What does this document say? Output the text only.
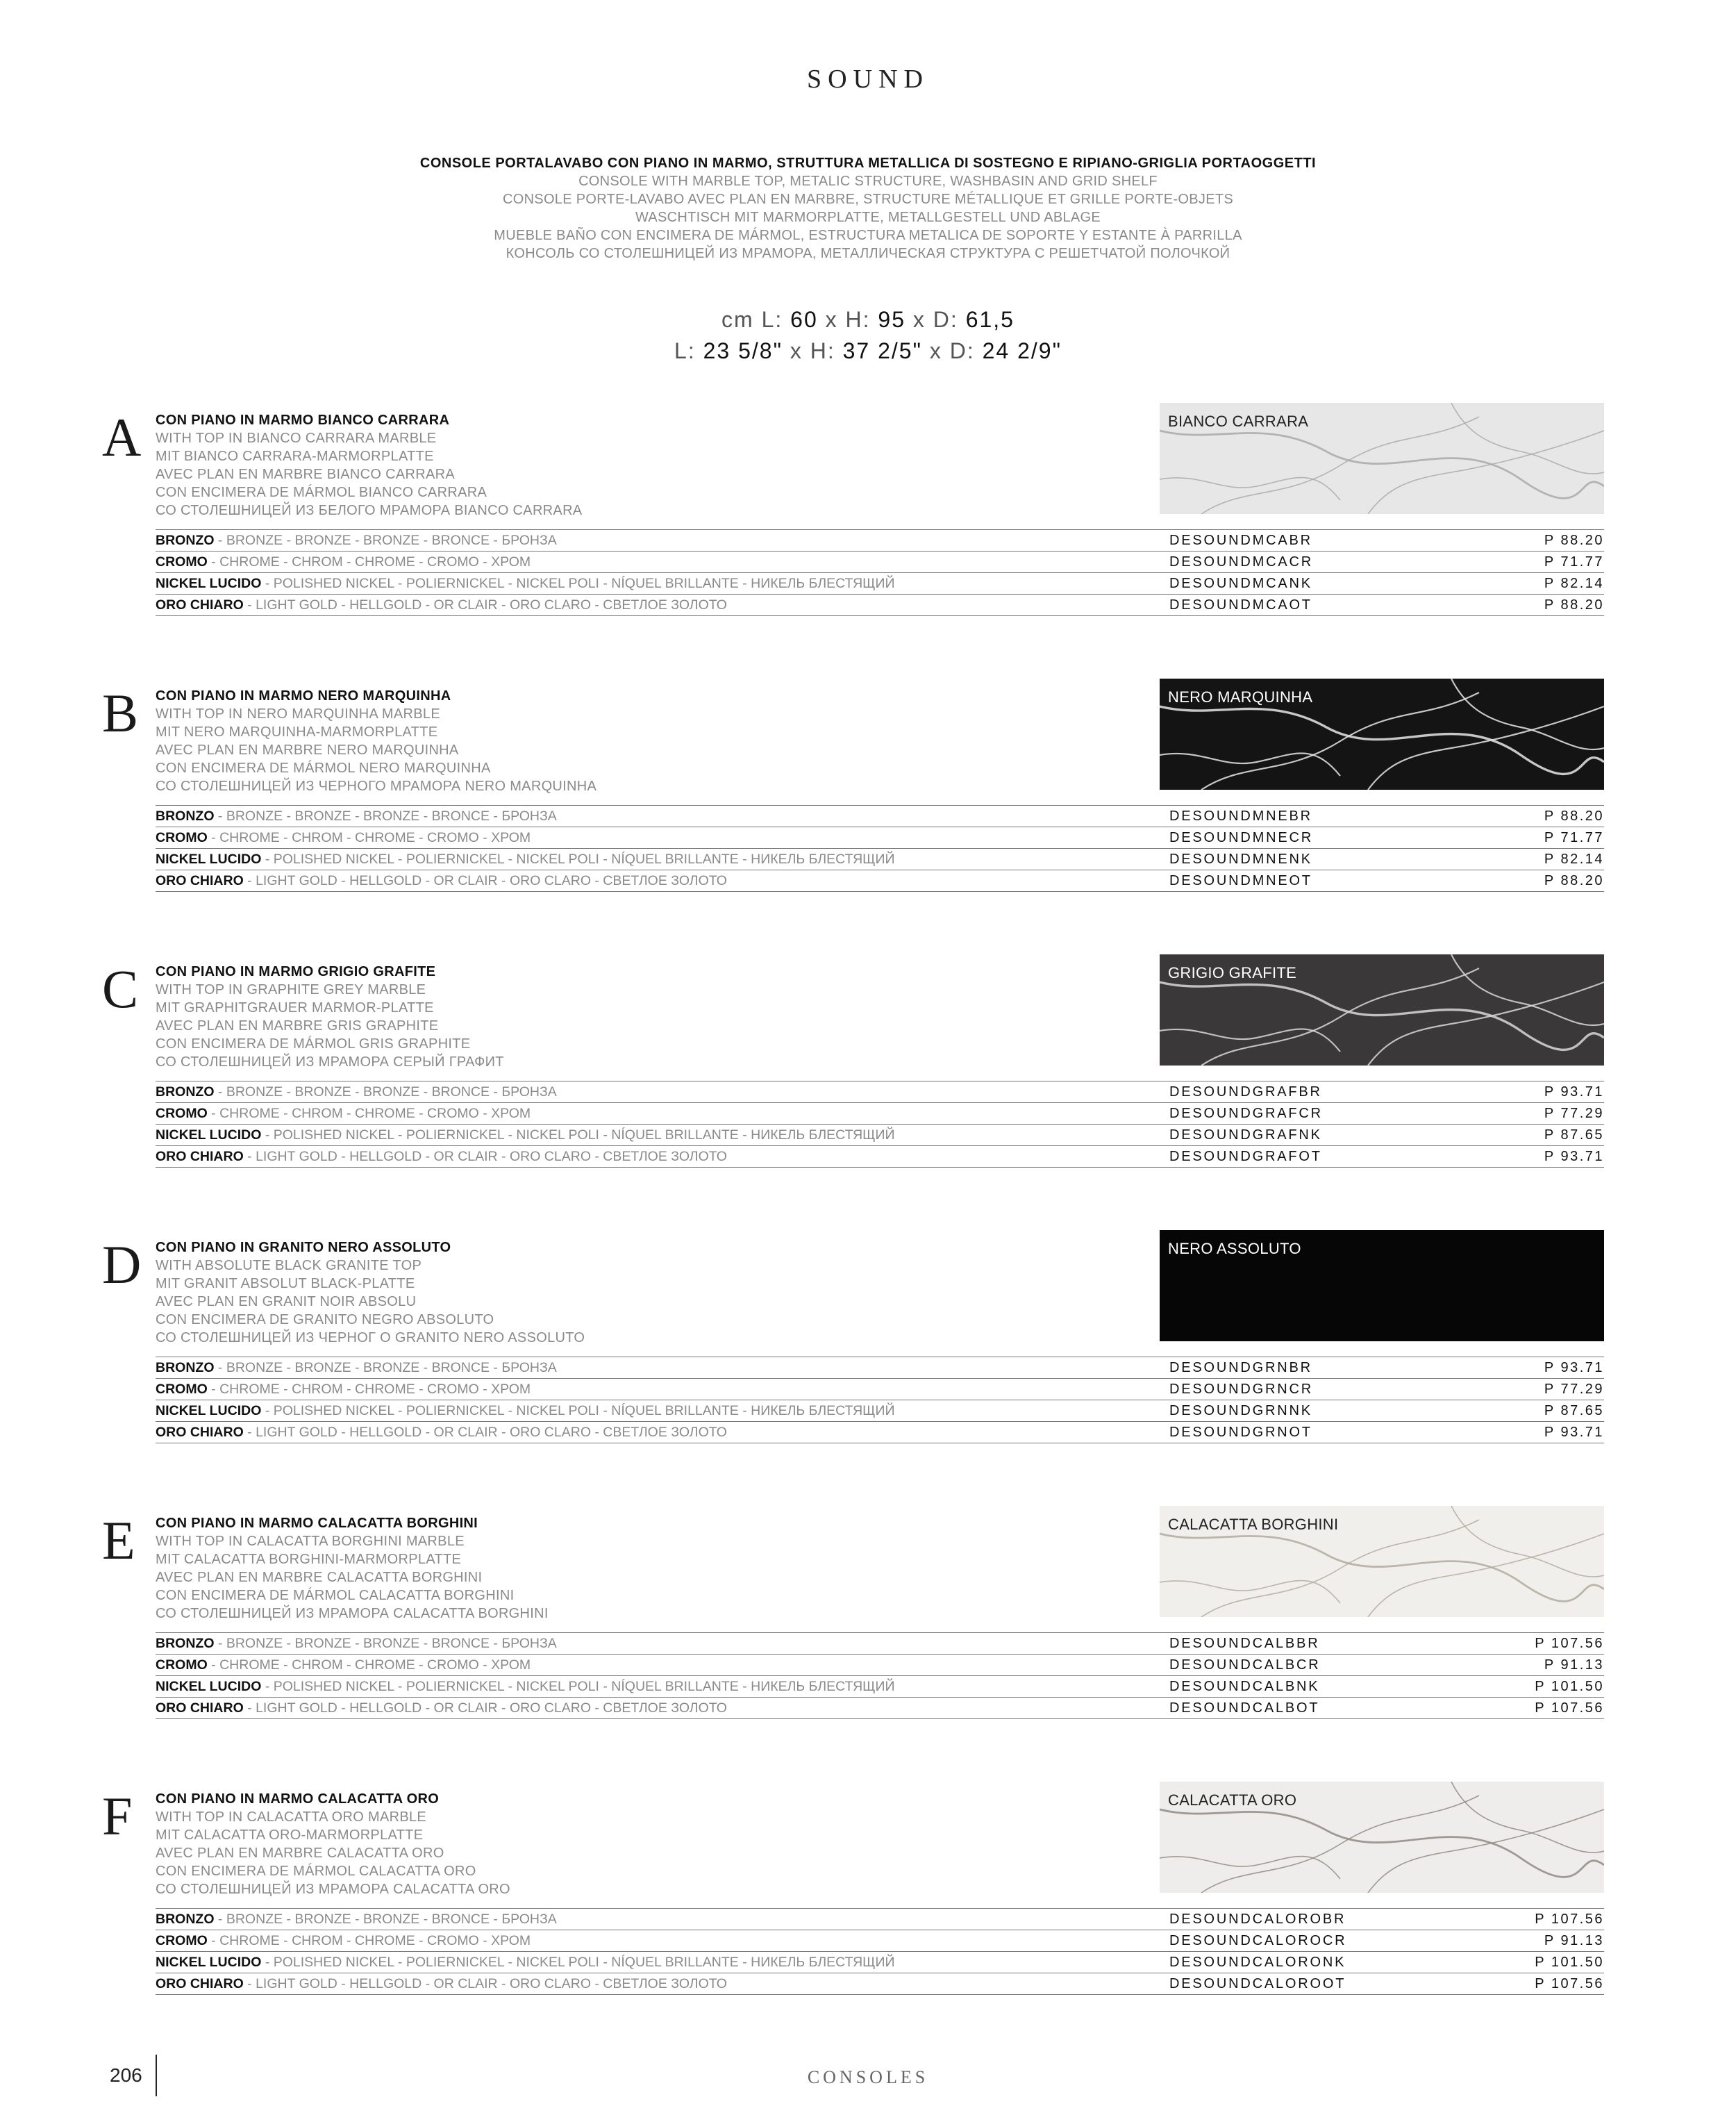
SOUND
CONSOLE PORTALAVABO CON PIANO IN MARMO, STRUTTURA METALLICA DI SOSTEGNO E RIPIANO-GRIGLIA PORTAOGGETTI
CONSOLE WITH MARBLE TOP, METALIC STRUCTURE, WASHBASIN AND GRID SHELF
CONSOLE PORTE-LAVABO AVEC PLAN EN MARBRE, STRUCTURE MÉTALLIQUE ET GRILLE PORTE-OBJETS
WASCHTISCH MIT MARMORPLATTE, METALLGESTELL UND ABLAGE
MUEBLE BAÑO CON ENCIMERA DE MÁRMOL, ESTRUCTURA METALICA DE SOPORTE Y ESTANTE À PARRILLA
КОНСОЛЬ СО СТОЛЕШНИЦЕЙ ИЗ МРАМОРА, МЕТАЛЛИЧЕСКАЯ СТРУКТУРА С РЕШЕТЧАТОЙ ПОЛОЧКОЙ
cm L: 60 x H: 95 x D: 61,5
L: 23 5/8" x H: 37 2/5" x D: 24 2/9"
A CON PIANO IN MARMO BIANCO CARRARA
WITH TOP IN BIANCO CARRARA MARBLE
MIT BIANCO CARRARA-MARMORPLATTE
AVEC PLAN EN MARBRE BIANCO CARRARA
CON ENCIMERA DE MÁRMOL BIANCO CARRARA
СО СТОЛЕШНИЦЕЙ ИЗ БЕЛОГО МРАМОРА BIANCO CARRARA
BIANCO CARRARA
BRONZO - BRONZE - BRONZE - BRONZE - BRONCE - БРОНЗА	DESOUNDMCABR	P 88.20
CROMO - CHROME - CHROM - CHROME - CROMO - ХРОМ	DESOUNDMCACR	P 71.77
NICKEL LUCIDO - POLISHED NICKEL - POLIERNICKEL - NICKEL POLI - NÍQUEL BRILLANTE - НИКЕЛЬ БЛЕСТЯЩИЙ	DESOUNDMCANK	P 82.14
ORO CHIARO - LIGHT GOLD - HELLGOLD - OR CLAIR - ORO CLARO - СВЕТЛОЕ ЗОЛОТО	DESOUNDMCAOT	P 88.20
B CON PIANO IN MARMO NERO MARQUINHA
WITH TOP IN NERO MARQUINHA MARBLE
MIT NERO MARQUINHA-MARMORPLATTE
AVEC PLAN EN MARBRE NERO MARQUINHA
CON ENCIMERA DE MÁRMOL NERO MARQUINHA
СО СТОЛЕШНИЦЕЙ ИЗ ЧЕРНОГО МРАМОРА NERO MARQUINHA
NERO MARQUINHA
BRONZO - BRONZE - BRONZE - BRONZE - BRONCE - БРОНЗА	DESOUNDMNEBR	P 88.20
CROMO - CHROME - CHROM - CHROME - CROMO - ХРОМ	DESOUNDMNECR	P 71.77
NICKEL LUCIDO - POLISHED NICKEL - POLIERNICKEL - NICKEL POLI - NÍQUEL BRILLANTE - НИКЕЛЬ БЛЕСТЯЩИЙ	DESOUNDMNENK	P 82.14
ORO CHIARO - LIGHT GOLD - HELLGOLD - OR CLAIR - ORO CLARO - СВЕТЛОЕ ЗОЛОТО	DESOUNDMNEOT	P 88.20
C CON PIANO IN MARMO GRIGIO GRAFITE
WITH TOP IN GRAPHITE GREY MARBLE
MIT GRAPHITGRAUER MARMOR-PLATTE
AVEC PLAN EN MARBRE GRIS GRAPHITE
CON ENCIMERA DE MÁRMOL GRIS GRAPHITE
СО СТОЛЕШНИЦЕЙ ИЗ МРАМОРА СЕРЫЙ ГРАФИТ
GRIGIO GRAFITE
BRONZO - BRONZE - BRONZE - BRONZE - BRONCE - БРОНЗА	DESOUNDGRAFBR	P 93.71
CROMO - CHROME - CHROM - CHROME - CROMO - ХРОМ	DESOUNDGRAFCR	P 77.29
NICKEL LUCIDO - POLISHED NICKEL - POLIERNICKEL - NICKEL POLI - NÍQUEL BRILLANTE - НИКЕЛЬ БЛЕСТЯЩИЙ	DESOUNDGRAFNK	P 87.65
ORO CHIARO - LIGHT GOLD - HELLGOLD - OR CLAIR - ORO CLARO - СВЕТЛОЕ ЗОЛОТО	DESOUNDGRAFOT	P 93.71
D CON PIANO IN GRANITO NERO ASSOLUTO
WITH ABSOLUTE BLACK GRANITE TOP
MIT GRANIT ABSOLUT BLACK-PLATTE
AVEC PLAN EN GRANIT NOIR ABSOLU
CON ENCIMERA DE GRANITO NEGRO ABSOLUTO
СО СТОЛЕШНИЦЕЙ ИЗ ЧЕРНОГ О GRANITO NERO ASSOLUTO
NERO ASSOLUTO
BRONZO - BRONZE - BRONZE - BRONZE - BRONCE - БРОНЗА	DESOUNDGRNBR	P 93.71
CROMO - CHROME - CHROM - CHROME - CROMO - ХРОМ	DESOUNDGRNCR	P 77.29
NICKEL LUCIDO - POLISHED NICKEL - POLIERNICKEL - NICKEL POLI - NÍQUEL BRILLANTE - НИКЕЛЬ БЛЕСТЯЩИЙ	DESOUNDGRNNK	P 87.65
ORO CHIARO - LIGHT GOLD - HELLGOLD - OR CLAIR - ORO CLARO - СВЕТЛОЕ ЗОЛОТО	DESOUNDGRNOT	P 93.71
E CON PIANO IN MARMO CALACATTA BORGHINI
WITH TOP IN CALACATTA BORGHINI MARBLE
MIT CALACATTA BORGHINI-MARMORPLATTE
AVEC PLAN EN MARBRE CALACATTA BORGHINI
CON ENCIMERA DE MÁRMOL CALACATTA BORGHINI
СО СТОЛЕШНИЦЕЙ ИЗ МРАМОРА CALACATTA BORGHINI
CALACATTA BORGHINI
BRONZO - BRONZE - BRONZE - BRONZE - BRONCE - БРОНЗА	DESOUNDCALBBR	P 107.56
CROMO - CHROME - CHROM - CHROME - CROMO - ХРОМ	DESOUNDCALBCR	P 91.13
NICKEL LUCIDO - POLISHED NICKEL - POLIERNICKEL - NICKEL POLI - NÍQUEL BRILLANTE - НИКЕЛЬ БЛЕСТЯЩИЙ	DESOUNDCALBNK	P 101.50
ORO CHIARO - LIGHT GOLD - HELLGOLD - OR CLAIR - ORO CLARO - СВЕТЛОЕ ЗОЛОТО	DESOUNDCALBOT	P 107.56
F CON PIANO IN MARMO CALACATTA ORO
WITH TOP IN CALACATTA ORO MARBLE
MIT CALACATTA ORO-MARMORPLATTE
AVEC PLAN EN MARBRE CALACATTA ORO
CON ENCIMERA DE MÁRMOL CALACATTA ORO
СО СТОЛЕШНИЦЕЙ ИЗ МРАМОРА CALACATTA ORO
CALACATTA ORO
BRONZO - BRONZE - BRONZE - BRONZE - BRONCE - БРОНЗА	DESOUNDCALOROBR	P 107.56
CROMO - CHROME - CHROM - CHROME - CROMO - ХРОМ	DESOUNDCALOROCR	P 91.13
NICKEL LUCIDO - POLISHED NICKEL - POLIERNICKEL - NICKEL POLI - NÍQUEL BRILLANTE - НИКЕЛЬ БЛЕСТЯЩИЙ	DESOUNDCALORONK	P 101.50
ORO CHIARO - LIGHT GOLD - HELLGOLD - OR CLAIR - ORO CLARO - СВЕТЛОЕ ЗОЛОТО	DESOUNDCALOROOT	P 107.56
206	CONSOLES
